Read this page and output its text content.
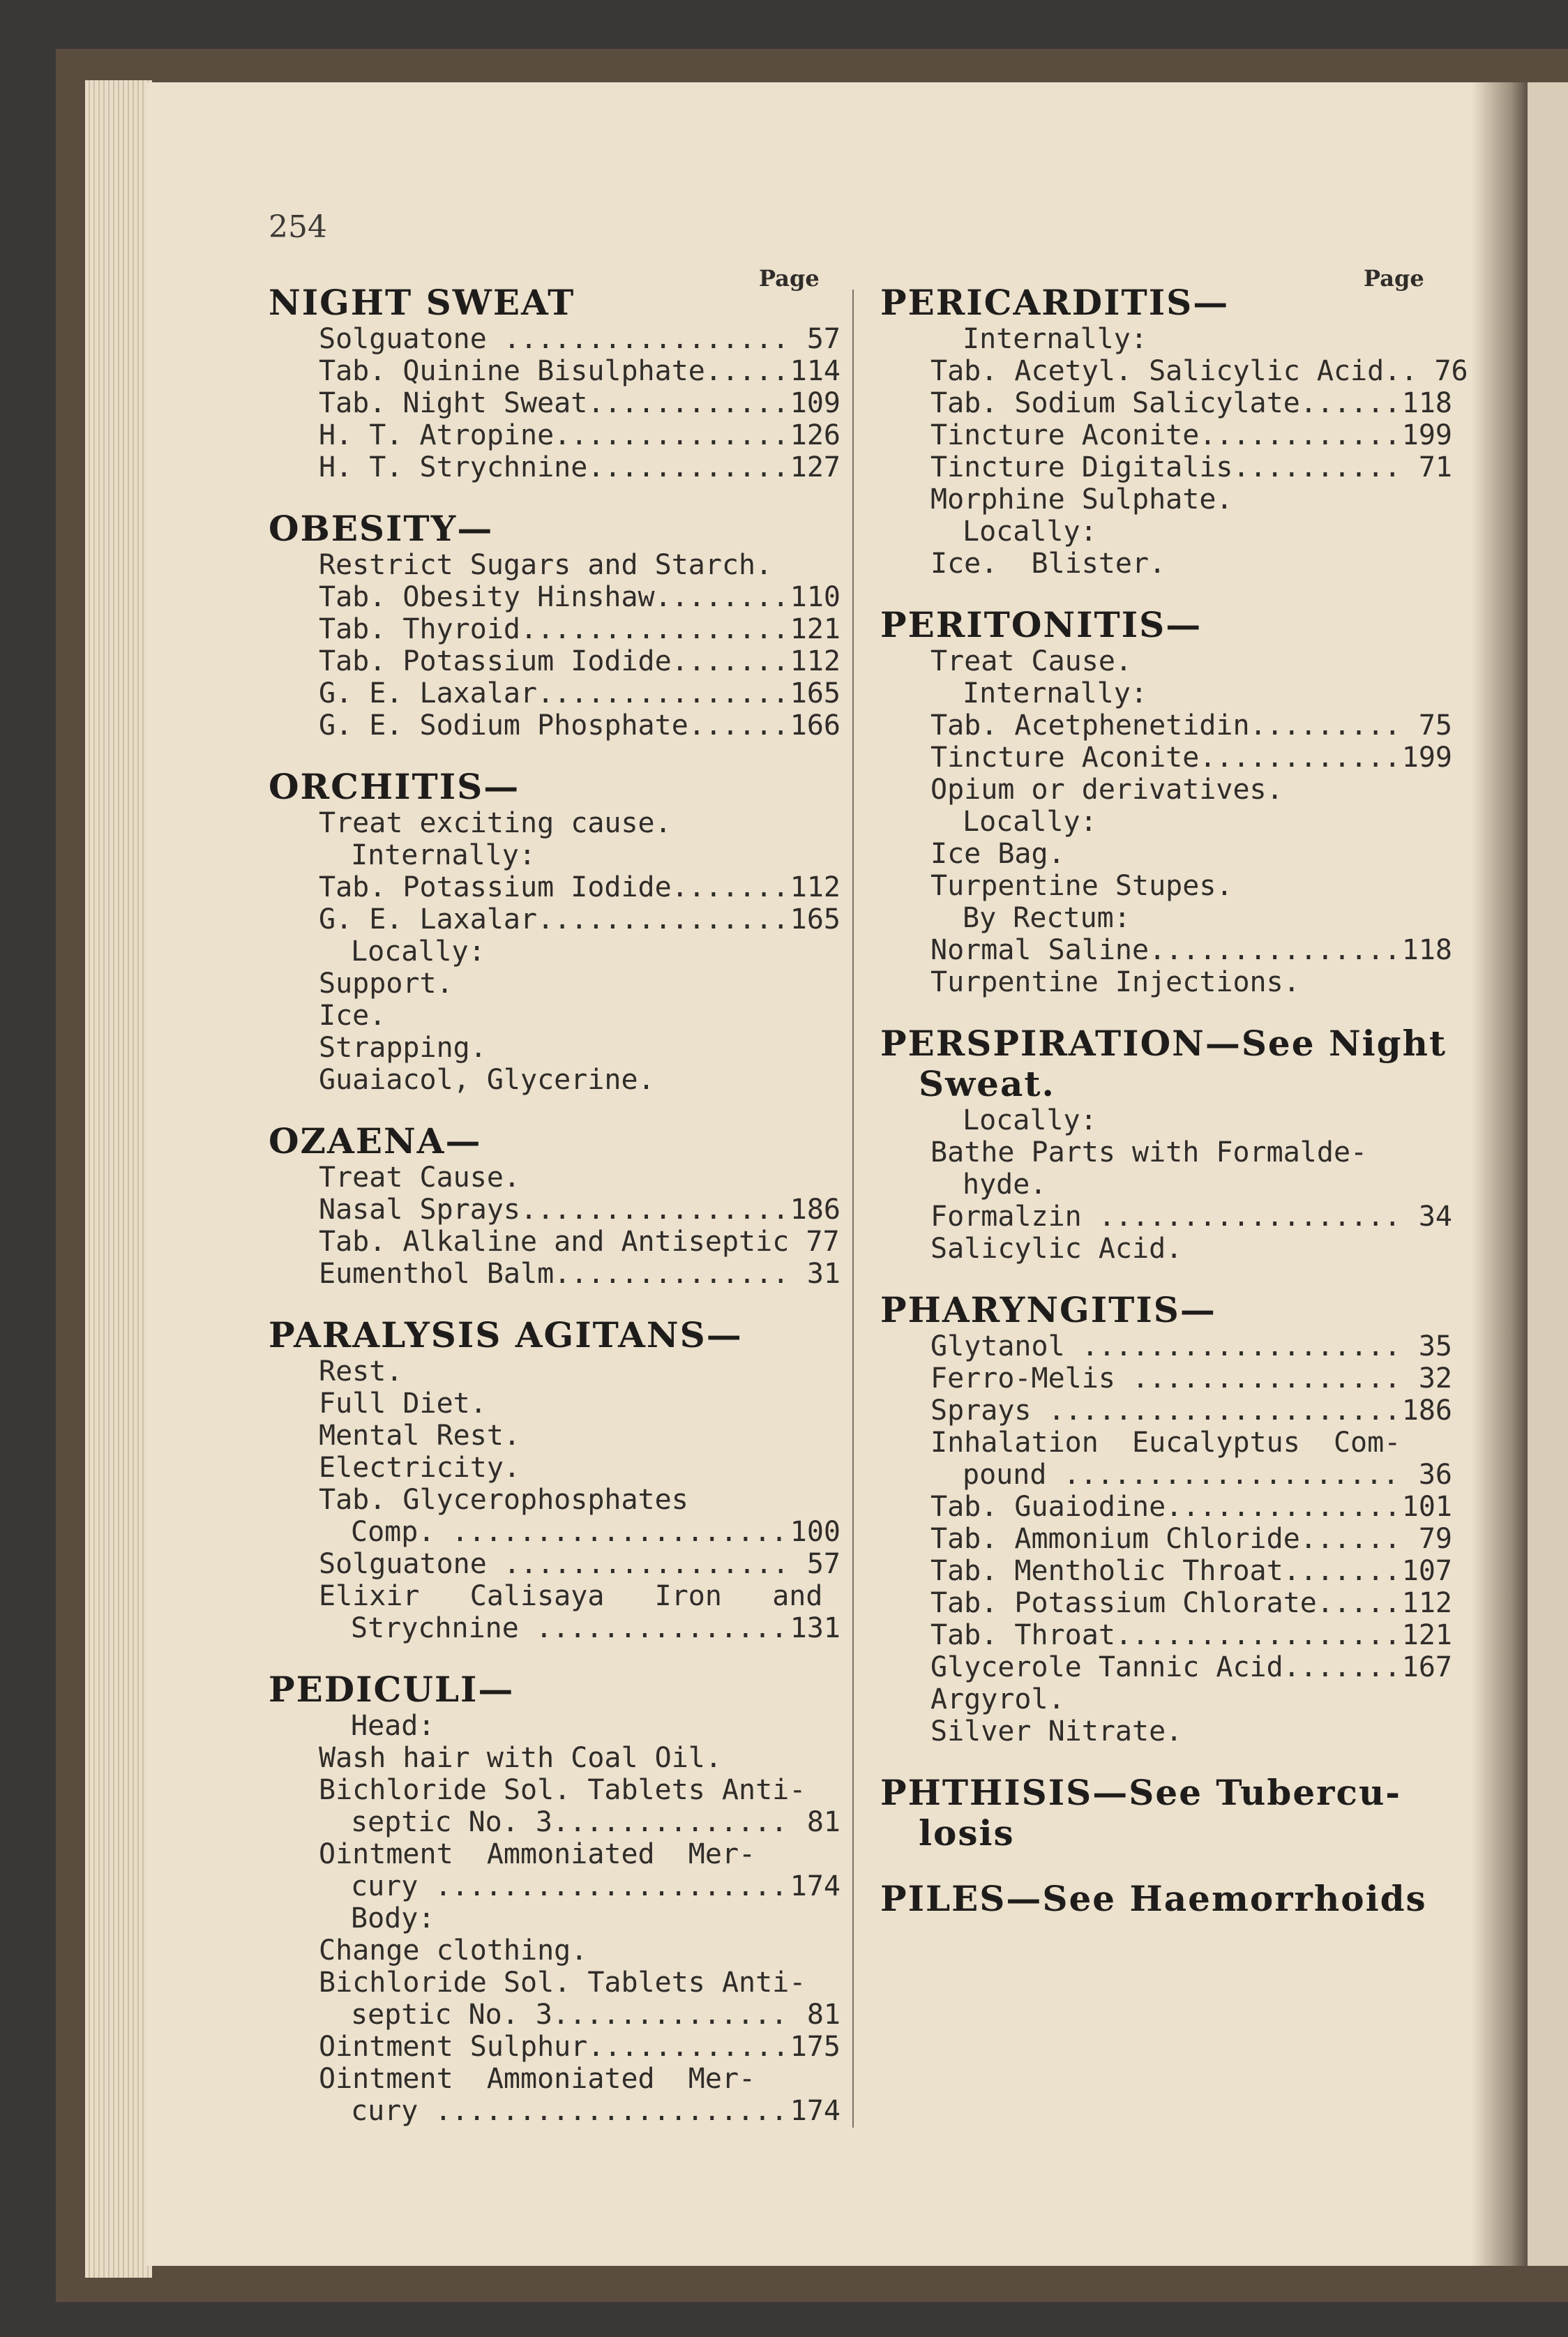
254
Page	Page
NIGHT SWEAT
Solguatone .....	57
Tab. Quinine Bisulphate .....	114
Tab. Night Sweat .....	109
H. T. Atropine .....	126
H. T. Strychnine .....	127
OBESITY—
Restrict Sugars and Starch.
Tab. Obesity Hinshaw .....	110
Tab. Thyroid .....	121
Tab. Potassium Iodide .....	112
G. E. Laxalar .....	165
G. E. Sodium Phosphate .....	166
ORCHITIS—
Treat exciting cause.
Internally:
Tab. Potassium Iodide .....	112
G. E. Laxalar .....	165
Locally:
Support.
Ice.
Strapping.
Guaiacol, Glycerine.
OZAENA—
Treat Cause.
Nasal Sprays .....	186
Tab. Alkaline and Antiseptic 77
Eumenthol Balm .....	31
PARALYSIS AGITANS—
Rest.
Full Diet.
Mental Rest.
Electricity.
Tab. Glycerophosphates
Comp. .....	100
Solguatone .....	57
Elixir   Calisaya   Iron   and
Strychnine .....	131
PEDICULI—
Head:
Wash hair with Coal Oil.
Bichloride Sol. Tablets Anti-
septic No. 3 .....	81
Ointment  Ammoniated  Mer-
cury .....	174
Body:
Change clothing.
Bichloride Sol. Tablets Anti-
septic No. 3 .....	81
Ointment Sulphur .....	175
Ointment  Ammoniated  Mer-
cury .....	174
PERICARDITIS—
Internally:
Tab. Acetyl. Salicylic Acid.. 76
Tab. Sodium Salicylate .....	118
Tincture Aconite .....	199
Tincture Digitalis .....	71
Morphine Sulphate.
Locally:
Ice.  Blister.
PERITONITIS—
Treat Cause.
Internally:
Tab. Acetphenetidin .....	75
Tincture Aconite .....	199
Opium or derivatives.
Locally:
Ice Bag.
Turpentine Stupes.
By Rectum:
Normal Saline .....	118
Turpentine Injections.
PERSPIRATION—See Night
Sweat.
Locally:
Bathe Parts with Formalde-
hyde.
Formalzin .....	34
Salicylic Acid.
PHARYNGITIS—
Glytanol .....	35
Ferro-Melis .....	32
Sprays .....	186
Inhalation  Eucalyptus  Com-
pound .....	36
Tab. Guaiodine .....	101
Tab. Ammonium Chloride... ..... 79
Tab. Mentholic Throat .....	107
Tab. Potassium Chlorate .....	112
Tab. Throat .....	121
Glycerole Tannic Acid .....	167
Argyrol.
Silver Nitrate.
PHTHISIS—See Tubercu-
losis
PILES—See Haemorrhoids
